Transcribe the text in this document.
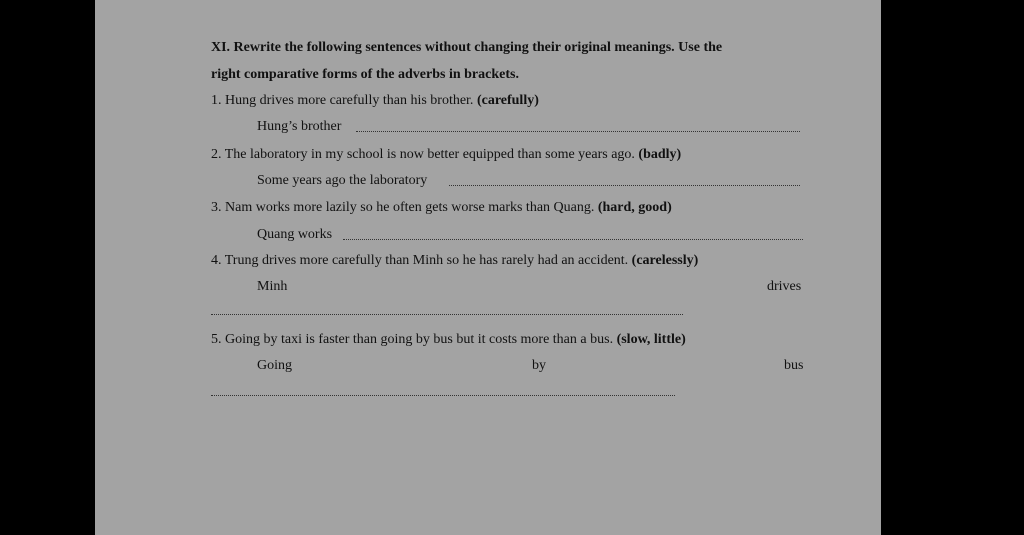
XI. Rewrite the following sentences without changing their original meanings. Use the
right comparative forms of the adverbs in brackets.
1. Hung drives more carefully than his brother. (carefully)
Hung’s brother
2. The laboratory in my school is now better equipped than some years ago. (badly)
Some years ago the laboratory
3. Nam works more lazily so he often gets worse marks than Quang. (hard, good)
Quang works
4. Trung drives more carefully than Minh so he has rarely had an accident. (carelessly)
Minh	drives
5. Going by taxi is faster than going by bus but it costs more than a bus. (slow, little)
Going	by	bus
